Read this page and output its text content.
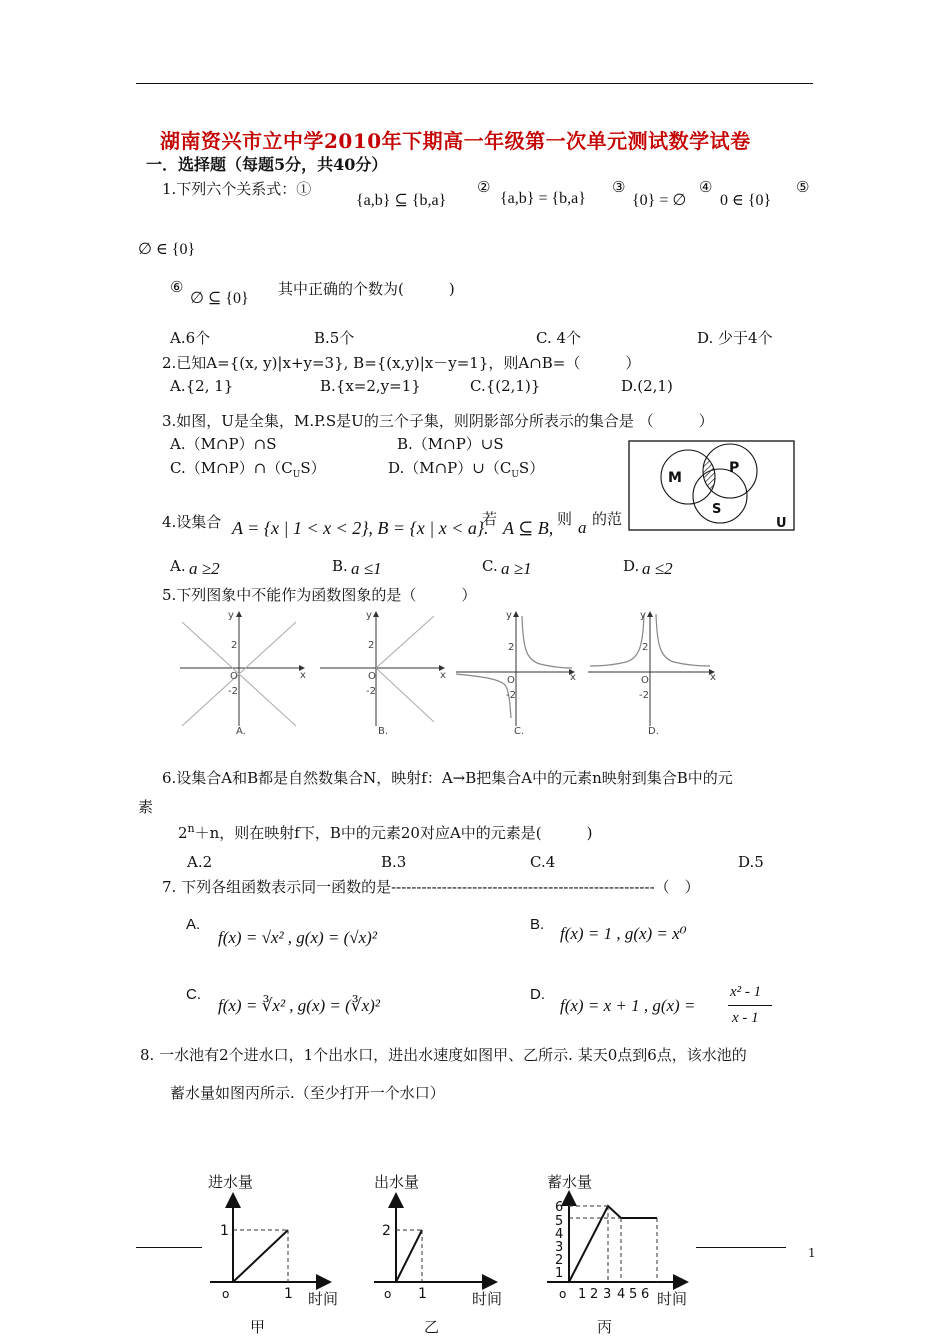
湖南资兴市立中学2010年下期高一年级第一次单元测试数学试卷
一．选择题（每题5分，共40分）
1.下列六个关系式：①
{a,b} ⊆ {b,a}
②
{a,b} = {b,a}
③
{0} = ∅
④
0 ∈ {0}
⑤
∅ ∈ {0}
⑥
∅ ⊆ {0}
其中正确的个数为(　　　)
A.6个	B.5个	C. 4个	D. 少于4个
2.已知A={(x, y)|x+y=3}, B={(x,y)|x－y=1}，则A∩B=（　　　）
A.{2, 1}	B.{x=2,y=1}	C.{(2,1)}	D.(2,1)
3.如图，U是全集，M.P.S是U的三个子集，则阴影部分所表示的集合是 （　　　）
A.（M∩P）∩S	B.（M∩P）∪S
$C.(M\cap P)\cap(C_US)$	$D.(M\cap P)\cup(C_US)$
M
P
S
U
4.设集合 A = {x | 1 < x < 2}, B = {x | x < a}.
若 A ⊆ B, 则 a 的范
A. a ≥2	B. a ≤1	C. a ≥1	D. a ≤2
5.下列图象中不能作为函数图象的是（　　　）
y
x
O
2
-2
A.
y
x
O
2
-2
B.
y
x
O
2
-2
C.
y
x
O
2
-2
D.
6.设集合A和B都是自然数集合N，映射f：A→B把集合A中的元素n映射到集合B中的元
素
$2^n+n$，则在映射f下，B中的元素20对应A中的元素是(　　　)
A.2	B.3	C.4	D.5
7. 下列各组函数表示同一函数的是----------------------------------------------------（　）
A.
f(x) = √x² , g(x) = (√x)²
B. f(x) = 1 , g(x) = x⁰
C.
f(x) = ∛x² , g(x) = (∛x)²
D.
f(x) = x + 1 , g(x) =
x² - 1
x - 1
8. 一水池有2个进水口，1个出水口，进出水速度如图甲、乙所示. 某天0点到6点，该水池的
蓄水量如图丙所示.（至少打开一个水口）
进水量
1
1
o	时间
甲
出水量
2
1
o	时间
乙
蓄水量
6
5
4
3
2
1
1 2 3 4 5 6
o	时间
丙
1
